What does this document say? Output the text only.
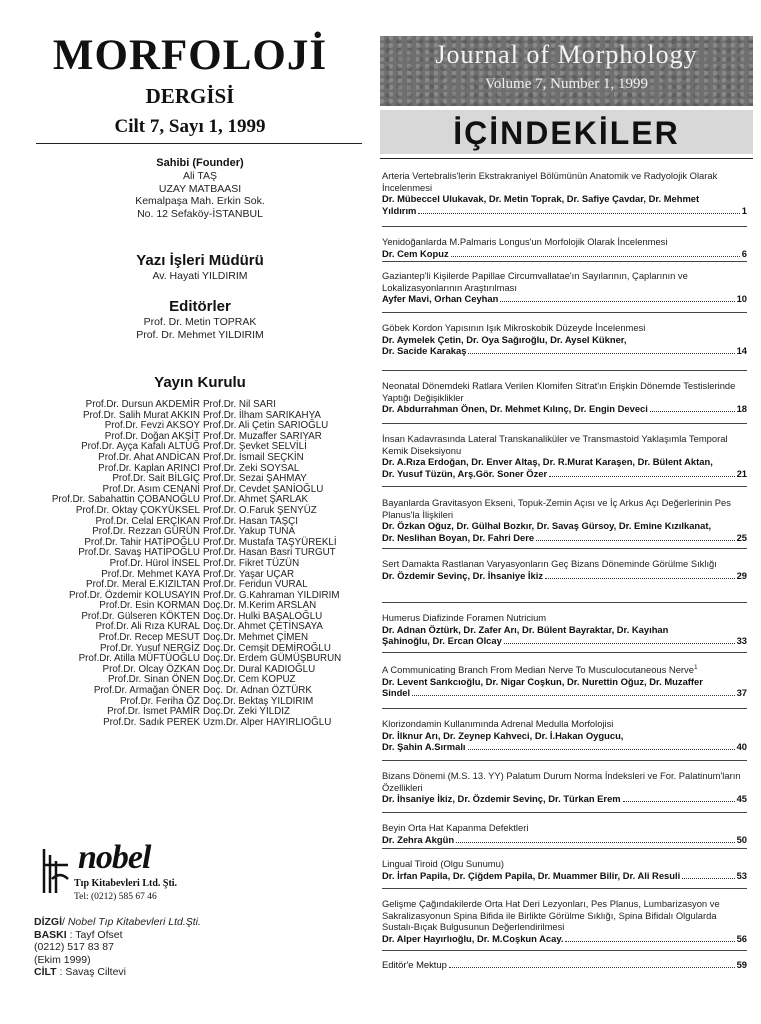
MORFOLOJİ
DERGİSİ
Cilt 7, Sayı 1, 1999
Sahibi (Founder)
Ali TAŞ
UZAY MATBAASI
Kemalpaşa Mah. Erkin Sok.
No. 12 Sefaköy-İSTANBUL
Yazı İşleri Müdürü
Av. Hayati YILDIRIM
Editörler
Prof. Dr. Metin TOPRAK
Prof. Dr. Mehmet YILDIRIM
Yayın Kurulu
Prof.Dr. Dursun AKDEMİR
Prof.Dr. Salih Murat AKKIN
Prof.Dr. Fevzi AKSOY
Prof.Dr. Doğan AKŞİT
Prof.Dr. Ayça Kafalı ALTUĞ
Prof.Dr. Ahat ANDİCAN
Prof.Dr. Kaplan ARINCI
Prof.Dr. Sait BİLGİÇ
Prof.Dr. Asım CENANİ
Prof.Dr. Sabahattin ÇOBANOĞLU
Prof.Dr. Oktay ÇOKYÜKSEL
Prof.Dr. Celal ERÇİKAN
Prof.Dr. Rezzan GÜRÜN
Prof.Dr. Tahir HATİPOĞLU
Prof.Dr. Savaş HATİPOĞLU
Prof.Dr. Hürol İNSEL
Prof.Dr. Mehmet KAYA
Prof.Dr. Meral E.KIZILTAN
Prof.Dr. Özdemir KOLUSAYIN
Prof.Dr. Esin KORMAN
Prof.Dr. Gülseren KÖKTEN
Prof.Dr. Ali Rıza KURAL
Prof.Dr. Recep MESUT
Prof.Dr. Yusuf NERGİZ
Prof.Dr. Atilla MÜFTÜOĞLU
Prof.Dr. Olcay ÖZKAN
Prof.Dr. Sinan ÖNEN
Prof.Dr. Armağan ÖNER
Prof.Dr. Feriha ÖZ
Prof.Dr. İsmet PAMİR
Prof.Dr. Sadık PEREK
Prof.Dr. Nil SARI
Prof.Dr. İlham SARIKAHYA
Prof.Dr. Ali Çetin SARIOĞLU
Prof.Dr. Muzaffer SARIYAR
Prof.Dr. Şevket SELVİLİ
Prof.Dr. İsmail SEÇKİN
Prof.Dr. Zeki SOYSAL
Prof.Dr. Sezai ŞAHMAY
Prof.Dr. Cevdet ŞANİOĞLU
Prof.Dr. Ahmet ŞARLAK
Prof.Dr. O.Faruk ŞENYÜZ
Prof.Dr. Hasan TAŞÇI
Prof.Dr. Yakup TUNA
Prof.Dr. Mustafa TAŞYÜREKLİ
Prof.Dr. Hasan Basri TURGUT
Prof.Dr. Fikret TÜZÜN
Prof.Dr. Yaşar UÇAR
Prof.Dr. Feridun VURAL
Prof.Dr. G.Kahraman YILDIRIM
Doç.Dr. M.Kerim ARSLAN
Doç.Dr. Hulki BAŞALOĞLU
Doç.Dr. Ahmet ÇETİNSAYA
Doç.Dr. Mehmet ÇİMEN
Doç.Dr. Cemşit DEMİROĞLU
Doç.Dr. Erdem GÜMÜŞBURUN
Doç.Dr. Dural KADIOĞLU
Doç.Dr. Cem KOPUZ
Doç. Dr. Adnan ÖZTÜRK
Doç.Dr. Bektaş YILDIRIM
Doç.Dr. Zeki YILDIZ
Uzm.Dr. Alper HAYIRLIOĞLU
nobel
Tıp Kitabevleri Ltd. Şti.
Tel: (0212) 585 67 46
DİZGİ/ Nobel Tıp Kitabevleri Ltd.Şti.
BASKI : Tayf Ofset
(0212) 517 83 87
(Ekim 1999)
CİLT : Savaş Ciltevi
Journal of Morphology
Volume 7, Number 1, 1999
İÇİNDEKİLER
Arteria Vertebralis'lerin Ekstrakraniyel Bölümünün Anatomik ve Radyolojik Olarak İncelenmesi
Dr. Mübeccel Ulukavak, Dr. Metin Toprak, Dr. Safiye Çavdar, Dr. Mehmet
Yıldırım	1
Yenidoğanlarda M.Palmaris Longus'un Morfolojik Olarak İncelenmesi
Dr. Cem Kopuz	6
Gaziantep'li Kişilerde Papillae Circumvallatae'ın Sayılarının, Çaplarının ve Lokalizasyonlarının Araştırılması
Ayfer Mavi, Orhan Ceyhan	10
Göbek Kordon Yapısının Işık Mikroskobik Düzeyde İncelenmesi
Dr. Aymelek Çetin, Dr. Oya Sağıroğlu, Dr. Aysel Kükner,
Dr. Sacide Karakaş	14
Neonatal Dönemdeki Ratlara Verilen Klomifen Sitrat'ın Erişkin Dönemde Testislerinde Yaptığı Değişiklikler
Dr. Abdurrahman Önen, Dr. Mehmet Kılınç, Dr. Engin Deveci	18
İnsan Kadavrasında Lateral Transkanaliküler ve Transmastoid Yaklaşımla Temporal Kemik Diseksiyonu
Dr. A.Rıza Erdoğan, Dr. Enver Altaş, Dr. R.Murat Karaşen, Dr. Bülent Aktan,
Dr. Yusuf Tüzün, Arş.Gör. Soner Özer	21
Bayanlarda Gravitasyon Ekseni, Topuk-Zemin Açısı ve İç Arkus Açı Değerlerinin Pes Planus'la İlişkileri
Dr. Özkan Oğuz, Dr. Gülhal Bozkır, Dr. Savaş Gürsoy, Dr. Emine Kızılkanat,
Dr. Neslihan Boyan, Dr. Fahri Dere	25
Sert Damakta Rastlanan Varyasyonların Geç Bizans Döneminde Görülme Sıklığı
Dr. Özdemir Sevinç, Dr. İhsaniye İkiz	29
Humerus Diafizinde Foramen Nutricium
Dr. Adnan Öztürk, Dr. Zafer Arı, Dr. Bülent Bayraktar, Dr. Kayıhan
Şahinoğlu, Dr. Ercan Olcay	33
A Communicating Branch From Median Nerve To Musculocutaneous Nerve$^1$
Dr. Levent Sarıkcıoğlu, Dr. Nigar Coşkun, Dr. Nurettin Oğuz, Dr. Muzaffer
Sindel	37
Klorizondamin Kullanımında Adrenal Medulla Morfolojisi
Dr. İlknur Arı, Dr. Zeynep Kahveci, Dr. İ.Hakan Oygucu,
Dr. Şahin A.Sırmalı	40
Bizans Dönemi (M.S. 13. YY) Palatum Durum Norma İndeksleri ve For. Palatinum'ların Özellikleri
Dr. İhsaniye İkiz, Dr. Özdemir Sevinç, Dr. Türkan Erem	45
Beyin Orta Hat Kapanma Defektleri
Dr. Zehra Akgün	50
Lingual Tiroid (Olgu Sunumu)
Dr. İrfan Papila, Dr. Çiğdem Papila, Dr. Muammer Bilir, Dr. Ali Resuli	53
Gelişme Çağındakilerde Orta Hat Deri Lezyonları, Pes Planus, Lumbarizasyon ve Sakralizasyonun Spina Bifida ile Birlikte Görülme Sıklığı, Spina Bifidalı Olgularda Sustalı-Bıçak Bulgusunun Değerlendirilmesi
Dr. Alper Hayırlıoğlu, Dr. M.Coşkun Acay.	56
Editör'e Mektup	59
